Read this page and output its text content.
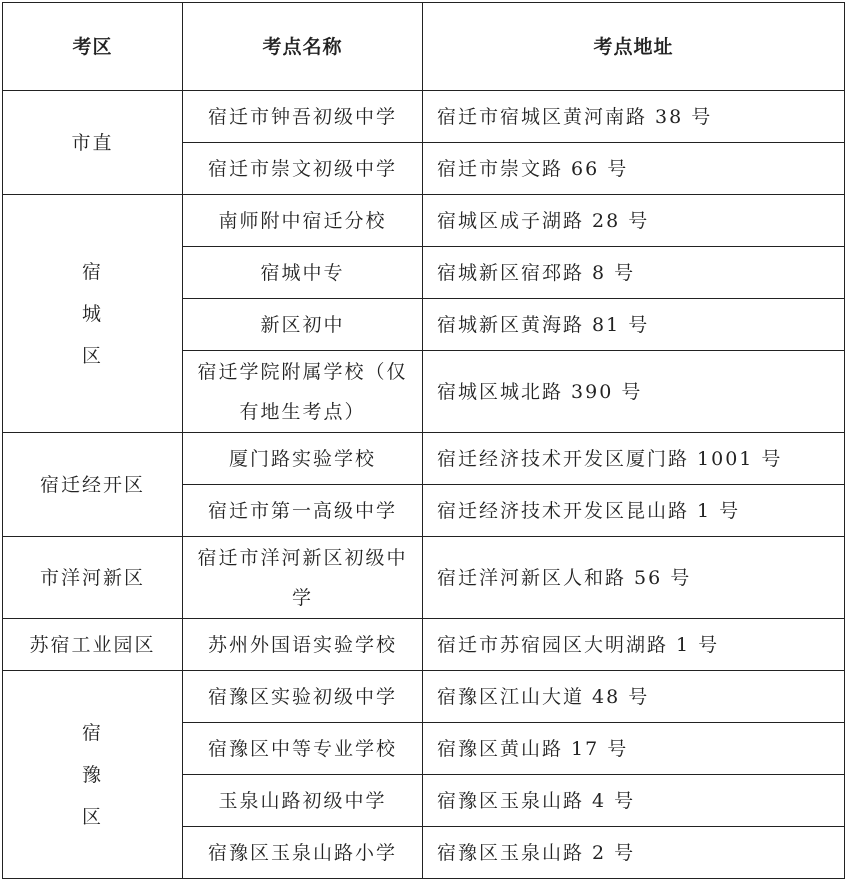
考区	考点名称	考点地址
市直	宿迁市钟吾初级中学	宿迁市宿城区黄河南路 38 号
	宿迁市崇文初级中学	宿迁市崇文路 66 号
宿城区	南师附中宿迁分校	宿城区成子湖路 28 号
	宿城中专	宿城新区宿邳路 8 号
	新区初中	宿城新区黄海路 81 号
	宿迁学院附属学校（仅有地生考点）	宿城区城北路 390 号
宿迁经开区	厦门路实验学校	宿迁经济技术开发区厦门路 1001 号
	宿迁市第一高级中学	宿迁经济技术开发区昆山路 1 号
市洋河新区	宿迁市洋河新区初级中学	宿迁洋河新区人和路 56 号
苏宿工业园区	苏州外国语实验学校	宿迁市苏宿园区大明湖路 1 号
宿豫区	宿豫区实验初级中学	宿豫区江山大道 48 号
	宿豫区中等专业学校	宿豫区黄山路 17 号
	玉泉山路初级中学	宿豫区玉泉山路 4 号
	宿豫区玉泉山路小学	宿豫区玉泉山路 2 号
